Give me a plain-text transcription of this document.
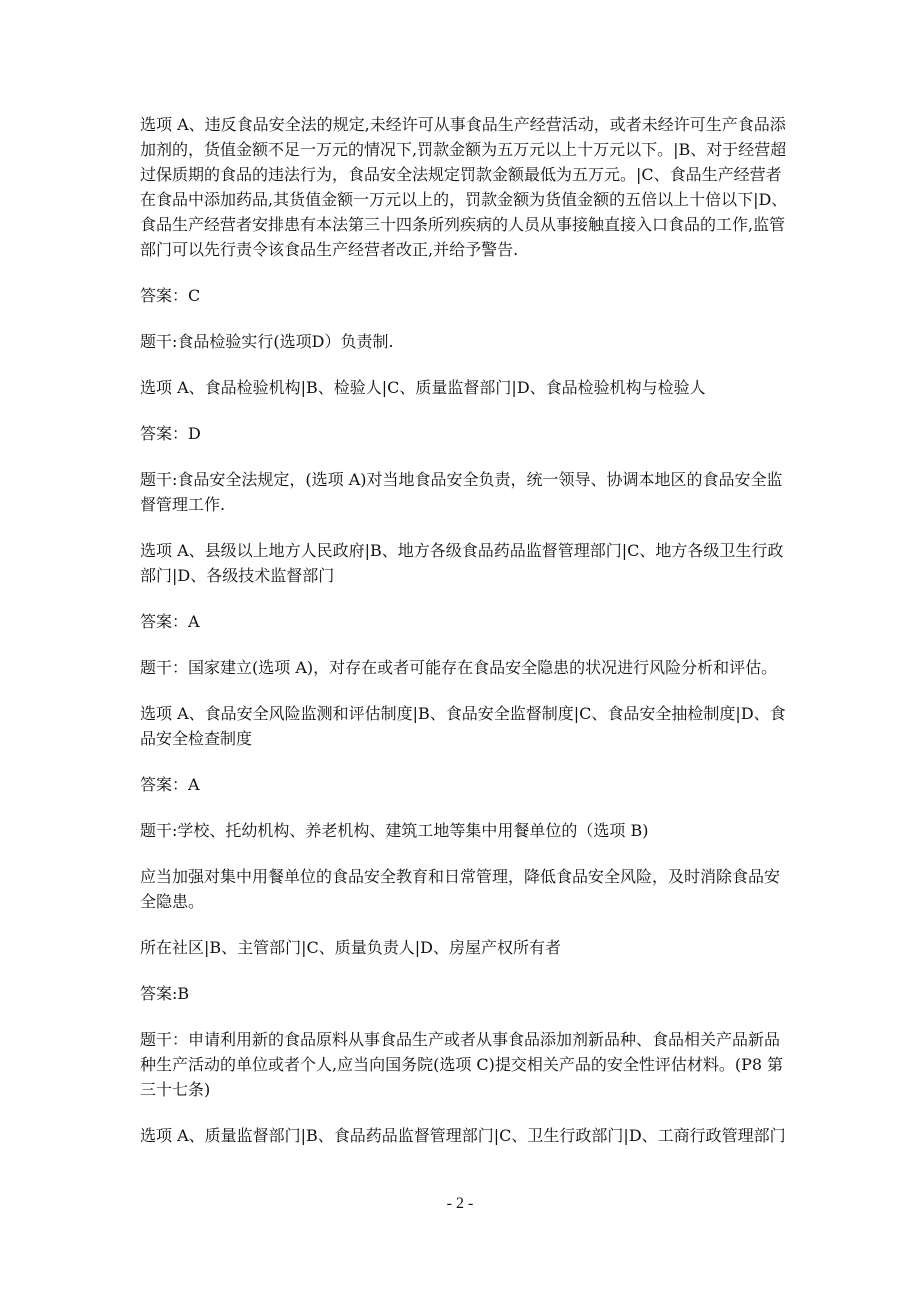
选项 A、违反食品安全法的规定,未经许可从事食品生产经营活动，或者未经许可生产食品添加剂的，货值金额不足一万元的情况下,罚款金额为五万元以上十万元以下。|B、对于经营超过保质期的食品的违法行为，食品安全法规定罚款金额最低为五万元。|C、食品生产经营者在食品中添加药品,其货值金额一万元以上的，罚款金额为货值金额的五倍以上十倍以下|D、食品生产经营者安排患有本法第三十四条所列疾病的人员从事接触直接入口食品的工作,监管部门可以先行责令该食品生产经营者改正,并给予警告.

答案：C

题干:食品检验实行(选项D）负责制.

选项 A、食品检验机构|B、检验人|C、质量监督部门|D、食品检验机构与检验人

答案：D

题干:食品安全法规定，(选项 A)对当地食品安全负责，统一领导、协调本地区的食品安全监督管理工作.

选项 A、县级以上地方人民政府|B、地方各级食品药品监督管理部门|C、地方各级卫生行政部门|D、各级技术监督部门

答案：A

题干：国家建立(选项 A)，对存在或者可能存在食品安全隐患的状况进行风险分析和评估。

选项 A、食品安全风险监测和评估制度|B、食品安全监督制度|C、食品安全抽检制度|D、食品安全检查制度

答案：A

题干:学校、托幼机构、养老机构、建筑工地等集中用餐单位的（选项 B)

应当加强对集中用餐单位的食品安全教育和日常管理，降低食品安全风险，及时消除食品安全隐患。

所在社区|B、主管部门|C、质量负责人|D、房屋产权所有者

答案:B

题干：申请利用新的食品原料从事食品生产或者从事食品添加剂新品种、食品相关产品新品种生产活动的单位或者个人,应当向国务院(选项 C)提交相关产品的安全性评估材料。(P8 第三十七条)

选项 A、质量监督部门|B、食品药品监督管理部门|C、卫生行政部门|D、工商行政管理部门

- 2 -
